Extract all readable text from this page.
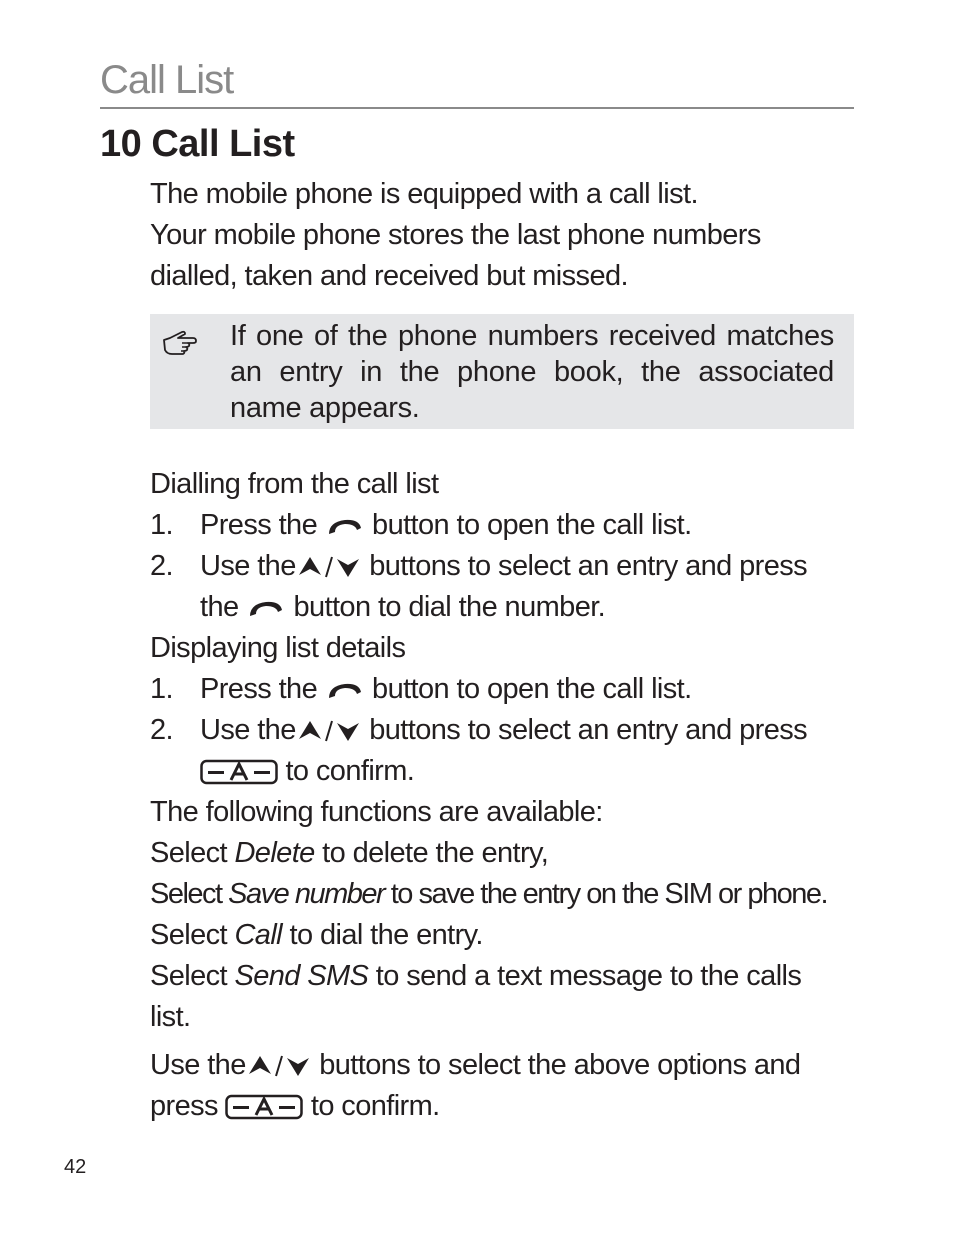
Call List
10 Call List

The mobile phone is equipped with a call list.

Your mobile phone stores the last phone numbers

dialled, taken and received but missed.

If one of the phone numbers received matches an entry in the phone book, the associated name appears.
Dialling from the call list
1. Press the button to open the call list.
2. Use the	buttons to select an entry and press
the button to dial the number.
Displaying list details
1. Press the button to open the call list.
2. Use the	buttons to select an entry and press
to confirm.
The following functions are available:
Select Delete to delete the entry,
Select Save number to save the entry on the SIM or phone.
Select Call to dial the entry.
Select Send SMS to send a text message to the calls
list.
Use the	buttons to select the above options and
press	to confirm.
42
